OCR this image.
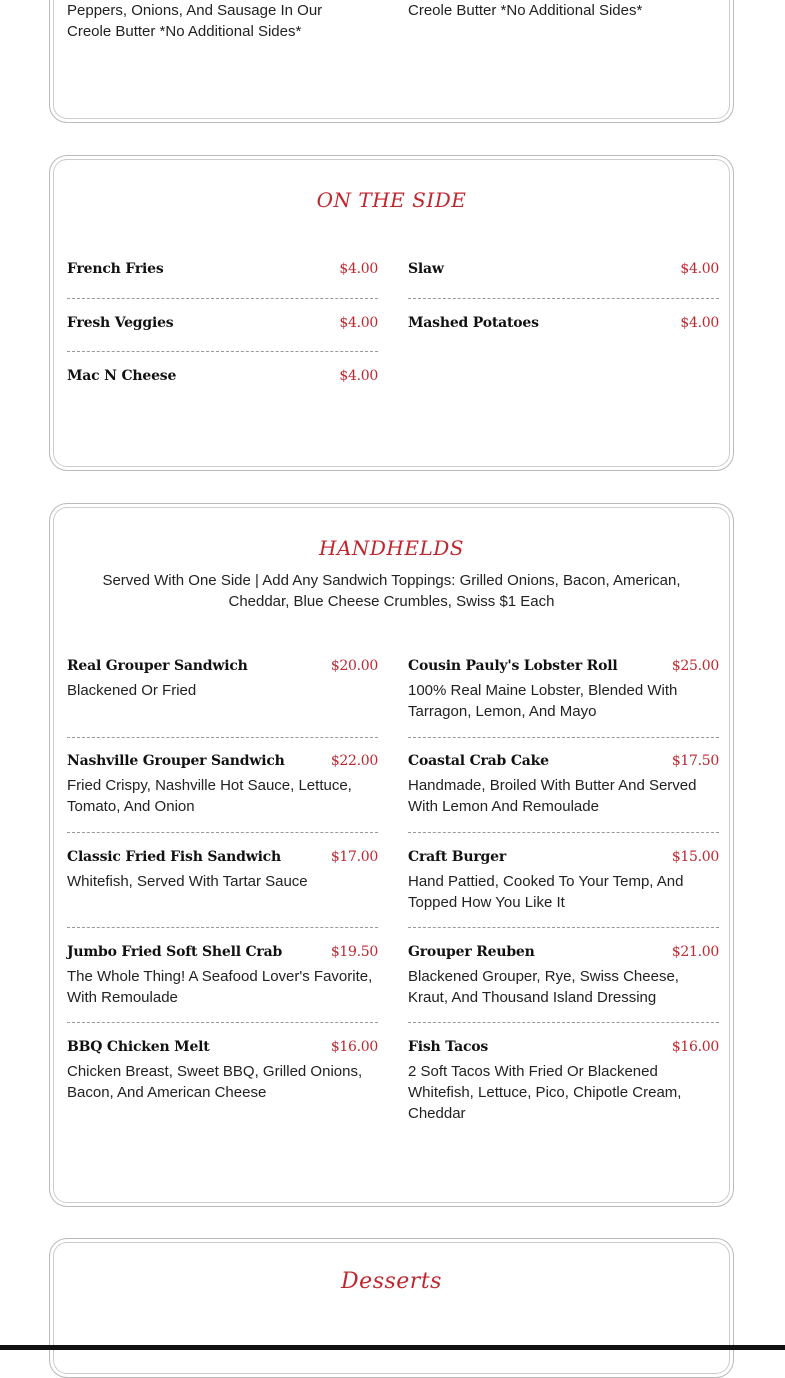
Peppers, Onions, And Sausage In Our Creole Butter *No Additional Sides*
Creole Butter *No Additional Sides*
ON THE SIDE
French Fries	$4.00 Slaw	$4.00
Fresh Veggies	$4.00 Mashed Potatoes	$4.00
Mac N Cheese	$4.00
HANDHELDS
Served With One Side | Add Any Sandwich Toppings: Grilled Onions, Bacon, American, Cheddar, Blue Cheese Crumbles, Swiss $1 Each
Real Grouper Sandwich	$20.00
Blackened Or Fried
Cousin Pauly's Lobster Roll	$25.00
100% Real Maine Lobster, Blended With Tarragon, Lemon, And Mayo
Nashville Grouper Sandwich	$22.00
Fried Crispy, Nashville Hot Sauce, Lettuce, Tomato, And Onion
Coastal Crab Cake	$17.50
Handmade, Broiled With Butter And Served With Lemon And Remoulade
Classic Fried Fish Sandwich	$17.00
Whitefish, Served With Tartar Sauce
Craft Burger	$15.00
Hand Pattied, Cooked To Your Temp, And Topped How You Like It
Jumbo Fried Soft Shell Crab	$19.50
The Whole Thing! A Seafood Lover's Favorite, With Remoulade
Grouper Reuben	$21.00
Blackened Grouper, Rye, Swiss Cheese, Kraut, And Thousand Island Dressing
BBQ Chicken Melt	$16.00
Chicken Breast, Sweet BBQ, Grilled Onions, Bacon, And American Cheese
Fish Tacos	$16.00
2 Soft Tacos With Fried Or Blackened Whitefish, Lettuce, Pico, Chipotle Cream, Cheddar
Desserts
